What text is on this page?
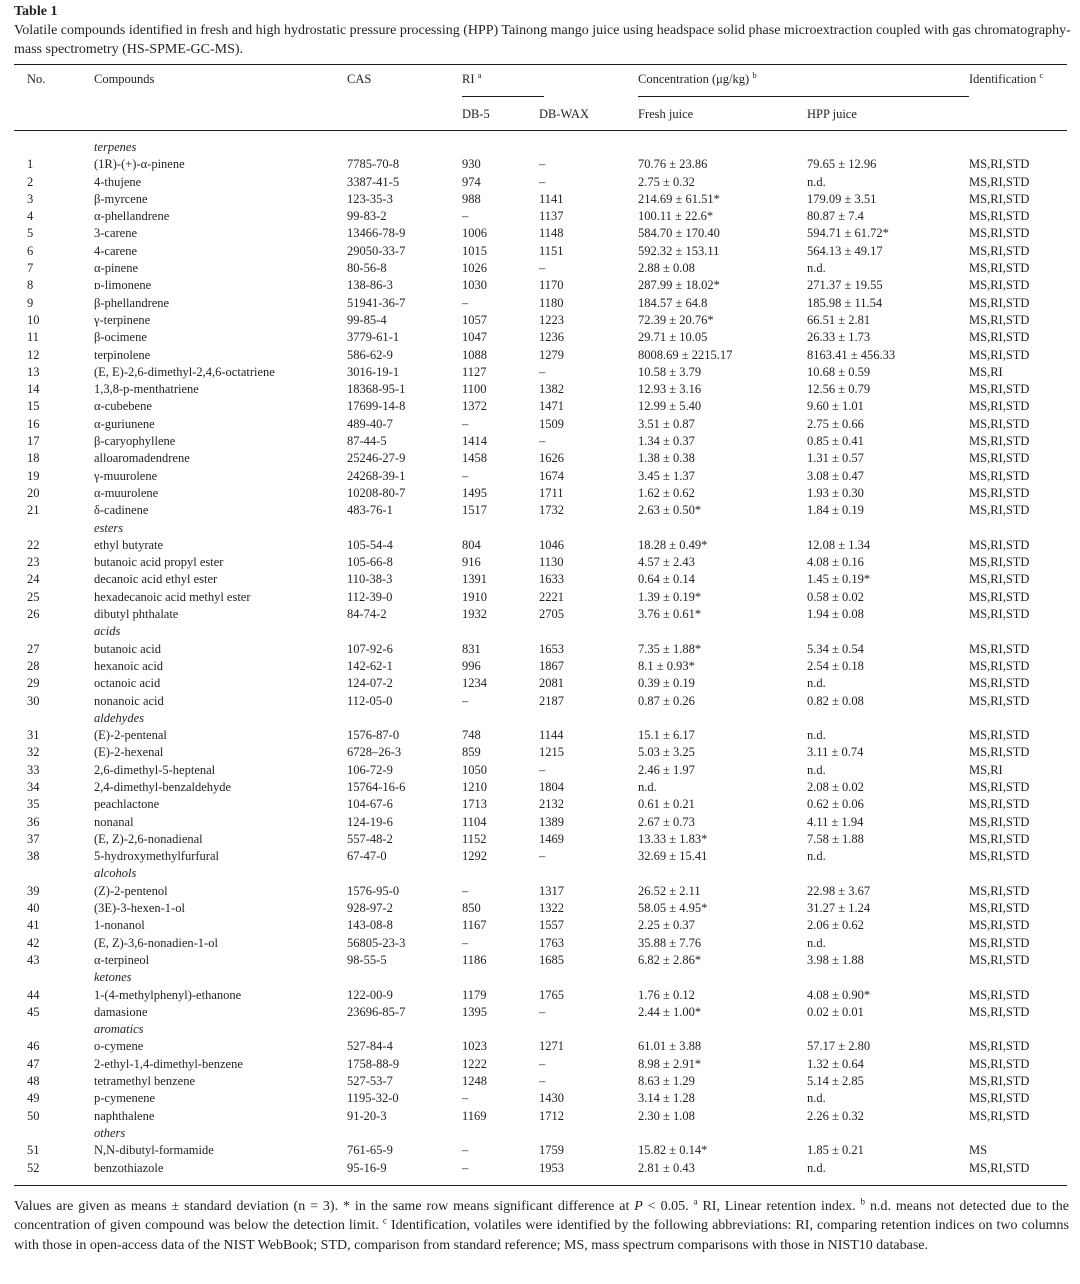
Table 1
Volatile compounds identified in fresh and high hydrostatic pressure processing (HPP) Tainong mango juice using headspace solid phase microextraction coupled with gas chromatography-mass spectrometry (HS-SPME-GC-MS).
No.	Compounds	CAS	RI $^a$	Concentration (μg/kg) $^b$	Identification $^c$
DB-5	DB-WAX	Fresh juice	HPP juice
terpenes
1	(1R)-(+)-α-pinene	7785-70-8	930	–	70.76 ± 23.86	79.65 ± 12.96	MS,RI,STD
2	4-thujene	3387-41-5	974	–	2.75 ± 0.32	n.d.	MS,RI,STD
3	β-myrcene	123-35-3	988	1141	214.69 ± 61.51*	179.09 ± 3.51	MS,RI,STD
4	α-phellandrene	99-83-2	–	1137	100.11 ± 22.6*	80.87 ± 7.4	MS,RI,STD
5	3-carene	13466-78-9	1006	1148	584.70 ± 170.40	594.71 ± 61.72*	MS,RI,STD
6	4-carene	29050-33-7	1015	1151	592.32 ± 153.11	564.13 ± 49.17	MS,RI,STD
7	α-pinene	80-56-8	1026	–	2.88 ± 0.08	n.d.	MS,RI,STD
8	ᴅ-limonene	138-86-3	1030	1170	287.99 ± 18.02*	271.37 ± 19.55	MS,RI,STD
9	β-phellandrene	51941-36-7	–	1180	184.57 ± 64.8	185.98 ± 11.54	MS,RI,STD
10	γ-terpinene	99-85-4	1057	1223	72.39 ± 20.76*	66.51 ± 2.81	MS,RI,STD
11	β-ocimene	3779-61-1	1047	1236	29.71 ± 10.05	26.33 ± 1.73	MS,RI,STD
12	terpinolene	586-62-9	1088	1279	8008.69 ± 2215.17	8163.41 ± 456.33	MS,RI,STD
13	(E, E)-2,6-dimethyl-2,4,6-octatriene	3016-19-1	1127	–	10.58 ± 3.79	10.68 ± 0.59	MS,RI
14	1,3,8-p-menthatriene	18368-95-1	1100	1382	12.93 ± 3.16	12.56 ± 0.79	MS,RI,STD
15	α-cubebene	17699-14-8	1372	1471	12.99 ± 5.40	9.60 ± 1.01	MS,RI,STD
16	α-guriunene	489-40-7	–	1509	3.51 ± 0.87	2.75 ± 0.66	MS,RI,STD
17	β-caryophyllene	87-44-5	1414	–	1.34 ± 0.37	0.85 ± 0.41	MS,RI,STD
18	alloaromadendrene	25246-27-9	1458	1626	1.38 ± 0.38	1.31 ± 0.57	MS,RI,STD
19	γ-muurolene	24268-39-1	–	1674	3.45 ± 1.37	3.08 ± 0.47	MS,RI,STD
20	α-muurolene	10208-80-7	1495	1711	1.62 ± 0.62	1.93 ± 0.30	MS,RI,STD
21	δ-cadinene	483-76-1	1517	1732	2.63 ± 0.50*	1.84 ± 0.19	MS,RI,STD
esters
22	ethyl butyrate	105-54-4	804	1046	18.28 ± 0.49*	12.08 ± 1.34	MS,RI,STD
23	butanoic acid propyl ester	105-66-8	916	1130	4.57 ± 2.43	4.08 ± 0.16	MS,RI,STD
24	decanoic acid ethyl ester	110-38-3	1391	1633	0.64 ± 0.14	1.45 ± 0.19*	MS,RI,STD
25	hexadecanoic acid methyl ester	112-39-0	1910	2221	1.39 ± 0.19*	0.58 ± 0.02	MS,RI,STD
26	dibutyl phthalate	84-74-2	1932	2705	3.76 ± 0.61*	1.94 ± 0.08	MS,RI,STD
acids
27	butanoic acid	107-92-6	831	1653	7.35 ± 1.88*	5.34 ± 0.54	MS,RI,STD
28	hexanoic acid	142-62-1	996	1867	8.1 ± 0.93*	2.54 ± 0.18	MS,RI,STD
29	octanoic acid	124-07-2	1234	2081	0.39 ± 0.19	n.d.	MS,RI,STD
30	nonanoic acid	112-05-0	–	2187	0.87 ± 0.26	0.82 ± 0.08	MS,RI,STD
aldehydes
31	(E)-2-pentenal	1576-87-0	748	1144	15.1 ± 6.17	n.d.	MS,RI,STD
32	(E)-2-hexenal	6728–26-3	859	1215	5.03 ± 3.25	3.11 ± 0.74	MS,RI,STD
33	2,6-dimethyl-5-heptenal	106-72-9	1050	–	2.46 ± 1.97	n.d.	MS,RI
34	2,4-dimethyl-benzaldehyde	15764-16-6	1210	1804	n.d.	2.08 ± 0.02	MS,RI,STD
35	peachlactone	104-67-6	1713	2132	0.61 ± 0.21	0.62 ± 0.06	MS,RI,STD
36	nonanal	124-19-6	1104	1389	2.67 ± 0.73	4.11 ± 1.94	MS,RI,STD
37	(E, Z)-2,6-nonadienal	557-48-2	1152	1469	13.33 ± 1.83*	7.58 ± 1.88	MS,RI,STD
38	5-hydroxymethylfurfural	67-47-0	1292	–	32.69 ± 15.41	n.d.	MS,RI,STD
alcohols
39	(Z)-2-pentenol	1576-95-0	–	1317	26.52 ± 2.11	22.98 ± 3.67	MS,RI,STD
40	(3E)-3-hexen-1-ol	928-97-2	850	1322	58.05 ± 4.95*	31.27 ± 1.24	MS,RI,STD
41	1-nonanol	143-08-8	1167	1557	2.25 ± 0.37	2.06 ± 0.62	MS,RI,STD
42	(E, Z)-3,6-nonadien-1-ol	56805-23-3	–	1763	35.88 ± 7.76	n.d.	MS,RI,STD
43	α-terpineol	98-55-5	1186	1685	6.82 ± 2.86*	3.98 ± 1.88	MS,RI,STD
ketones
44	1-(4-methylphenyl)-ethanone	122-00-9	1179	1765	1.76 ± 0.12	4.08 ± 0.90*	MS,RI,STD
45	damasione	23696-85-7	1395	–	2.44 ± 1.00*	0.02 ± 0.01	MS,RI,STD
aromatics
46	o-cymene	527-84-4	1023	1271	61.01 ± 3.88	57.17 ± 2.80	MS,RI,STD
47	2-ethyl-1,4-dimethyl-benzene	1758-88-9	1222	–	8.98 ± 2.91*	1.32 ± 0.64	MS,RI,STD
48	tetramethyl benzene	527-53-7	1248	–	8.63 ± 1.29	5.14 ± 2.85	MS,RI,STD
49	p-cymenene	1195-32-0	–	1430	3.14 ± 1.28	n.d.	MS,RI,STD
50	naphthalene	91-20-3	1169	1712	2.30 ± 1.08	2.26 ± 0.32	MS,RI,STD
others
51	N,N-dibutyl-formamide	761-65-9	–	1759	15.82 ± 0.14*	1.85 ± 0.21	MS
52	benzothiazole	95-16-9	–	1953	2.81 ± 0.43	n.d.	MS,RI,STD
Values are given as means ± standard deviation (n = 3). * in the same row means significant difference at P < 0.05. $^a$ RI, Linear retention index. $^b$ n.d. means not detected due to the concentration of given compound was below the detection limit. $^c$ Identification, volatiles were identified by the following abbreviations: RI, comparing retention indices on two columns with those in open-access data of the NIST WebBook; STD, comparison from standard reference; MS, mass spectrum comparisons with those in NIST10 database.
